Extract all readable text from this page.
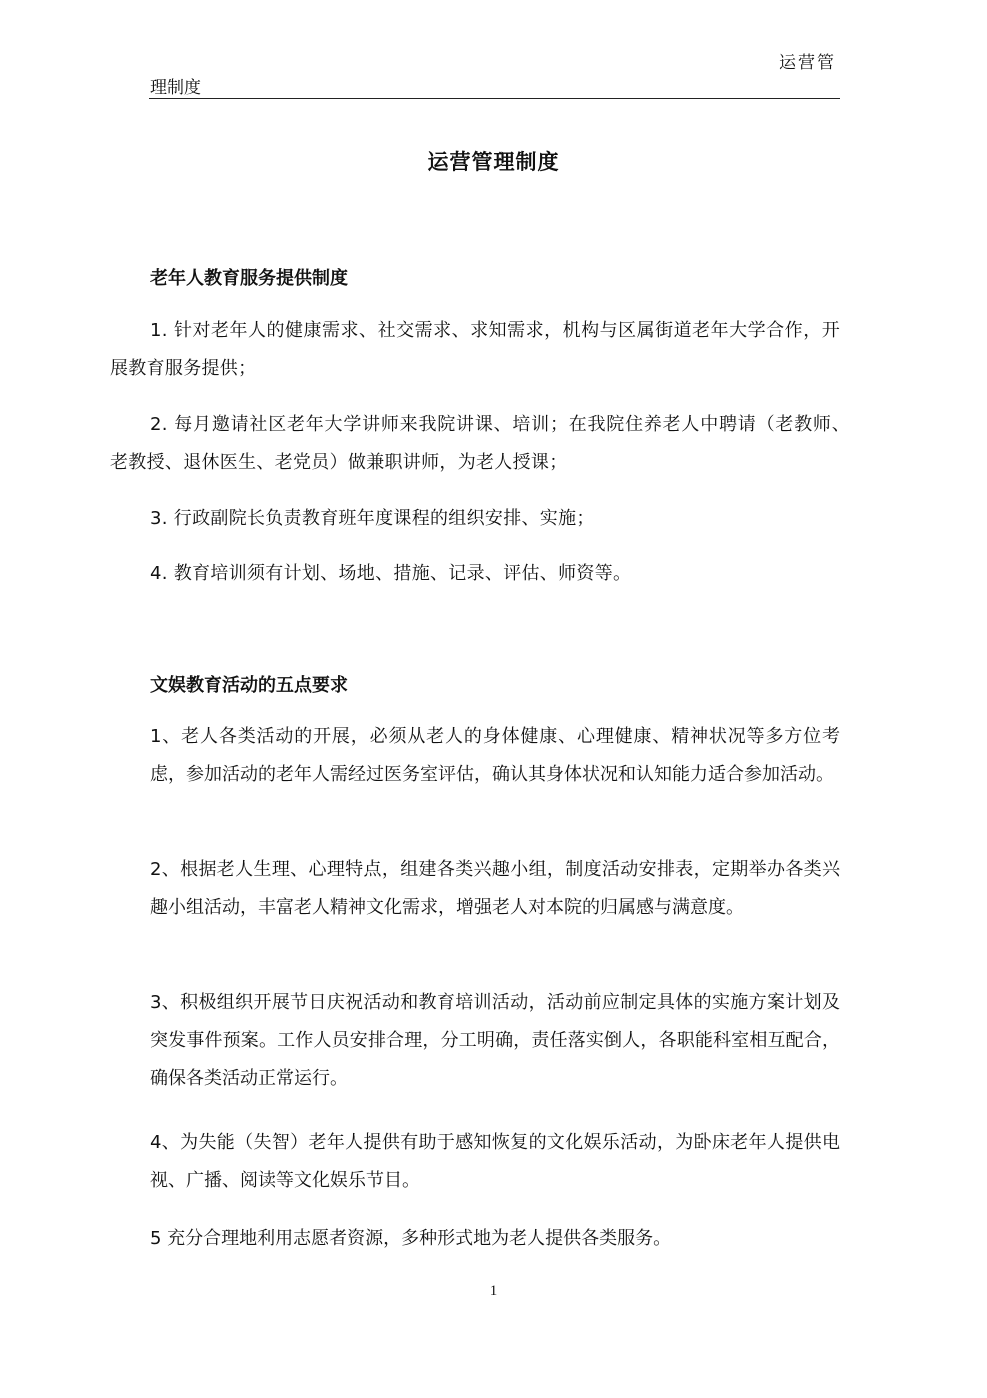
运营管
理制度
运营管理制度
老年人教育服务提供制度
1. 针对老年人的健康需求、社交需求、求知需求，机构与区属街道老年大学合作，开展教育服务提供；
2. 每月邀请社区老年大学讲师来我院讲课、培训；在我院住养老人中聘请（老教师、老教授、退休医生、老党员）做兼职讲师，为老人授课；
3. 行政副院长负责教育班年度课程的组织安排、实施；
4. 教育培训须有计划、场地、措施、记录、评估、师资等。
文娱教育活动的五点要求
1、老人各类活动的开展，必须从老人的身体健康、心理健康、精神状况等多方位考虑，参加活动的老年人需经过医务室评估，确认其身体状况和认知能力适合参加活动。
2、根据老人生理、心理特点，组建各类兴趣小组，制度活动安排表，定期举办各类兴趣小组活动，丰富老人精神文化需求，增强老人对本院的归属感与满意度。
3、积极组织开展节日庆祝活动和教育培训活动，活动前应制定具体的实施方案计划及突发事件预案。工作人员安排合理，分工明确，责任落实倒人，各职能科室相互配合，确保各类活动正常运行。
4、为失能（失智）老年人提供有助于感知恢复的文化娱乐活动，为卧床老年人提供电视、广播、阅读等文化娱乐节目。
5 充分合理地利用志愿者资源，多种形式地为老人提供各类服务。
1
